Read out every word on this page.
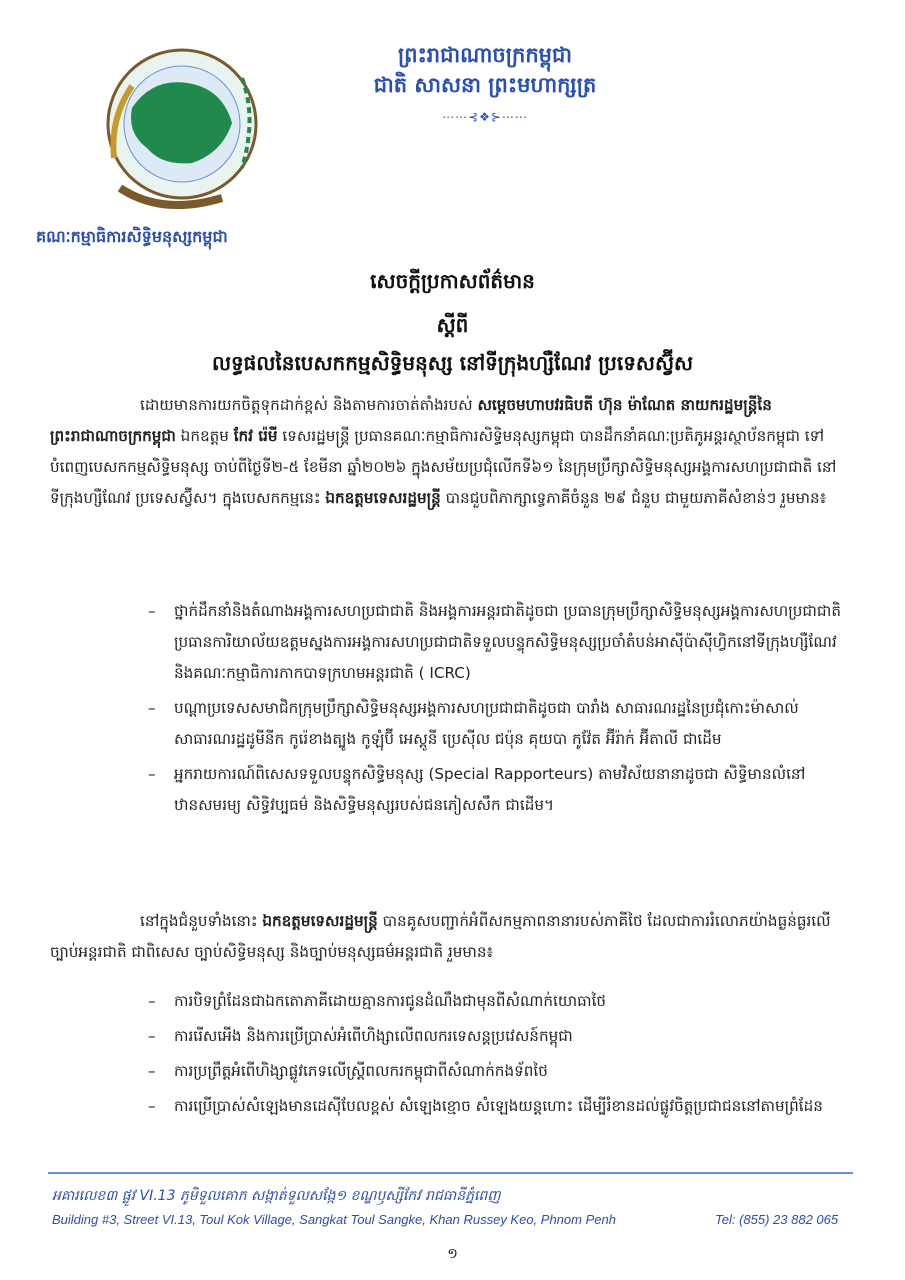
ព្រះរាជាណាចក្រកម្ពុជា
ជាតិ សាសនា ព្រះមហាក្សត្រ
⋯⋯⊰❖⊱⋯⋯
គណៈកម្មាធិការសិទ្ធិមនុស្សកម្ពុជា
សេចក្តីប្រកាសព័ត៌មាន
ស្តីពី
លទ្ធផលនៃបេសកកម្មសិទ្ធិមនុស្ស នៅទីក្រុងហ្សឺណែវ ប្រទេសស្វ៊ីស
ដោយមានការយកចិត្តទុកដាក់ខ្ពស់ និងតាមការចាត់តាំងរបស់ សម្តេចមហាបវរធិបតី ហ៊ុន ម៉ាណែត នាយករដ្ឋមន្ត្រីនៃព្រះរាជាណាចក្រកម្ពុជា ឯកឧត្តម កែវ រ៉េមី ទេសរដ្ឋមន្ត្រី ប្រធានគណៈកម្មាធិការសិទ្ធិមនុស្សកម្ពុជា បានដឹកនាំគណៈប្រតិភូអន្តរស្ថាប័នកម្ពុជា ទៅបំពេញបេសកកម្មសិទ្ធិមនុស្ស ចាប់ពីថ្ងៃទី២-៥ ខែមីនា ឆ្នាំ២០២៦ ក្នុងសម័យប្រជុំលើកទី៦១ នៃក្រុមប្រឹក្សាសិទ្ធិមនុស្សអង្គការសហប្រជាជាតិ នៅទីក្រុងហ្សឺណែវ ប្រទេសស្វ៊ីស។ ក្នុងបេសកកម្មនេះ ឯកឧត្តមទេសរដ្ឋមន្ត្រី បានជួបពិភាក្សាទ្វេភាគីចំនួន ២៩ ជំនួប ជាមួយភាគីសំខាន់ៗ រួមមាន៖
– ថ្នាក់ដឹកនាំនិងតំណាងអង្គការសហប្រជាជាតិ និងអង្គការអន្តរជាតិដូចជា ប្រធានក្រុមប្រឹក្សាសិទ្ធិមនុស្សអង្គការសហប្រជាជាតិ ប្រធានការិយាល័យឧត្តមស្នងការអង្គការសហប្រជាជាតិទទួលបន្ទុកសិទ្ធិមនុស្សប្រចាំតំបន់អាស៊ីប៉ាស៊ីហ្វិកនៅទីក្រុងហ្សឺណែវ និងគណៈកម្មាធិការកាកបាទក្រហមអន្តរជាតិ ( ICRC)
– បណ្តាប្រទេសសមាជិកក្រុមប្រឹក្សាសិទ្ធិមនុស្សអង្គការសហប្រជាជាតិដូចជា បារាំង សាធារណរដ្ឋនៃប្រជុំកោះម៉ាសាល់ សាធារណរដ្ឋដូមីនីក កូរ៉េខាងត្បូង កូឡុំប៊ី អេស្តូនី ប្រេស៊ីល ជប៉ុន គុយបា កូវ៉ែត អ៊ីរ៉ាក់ អ៊ីតាលី ជាដើម
– អ្នករាយការណ៍ពិសេសទទួលបន្ទុកសិទ្ធិមនុស្ស (Special Rapporteurs) តាមវិស័យនានាដូចជា សិទ្ធិមានលំនៅឋានសមរម្យ សិទ្ធិវប្បធម៌ និងសិទ្ធិមនុស្សរបស់ជនភៀសសឹក ជាដើម។
នៅក្នុងជំនួបទាំងនោះ ឯកឧត្តមទេសរដ្ឋមន្ត្រី បានគូសបញ្ជាក់អំពីសកម្មភាពនានារបស់ភាគីថៃ ដែលជាការរំលោភយ៉ាងធ្ងន់ធ្ងរលើច្បាប់អន្តរជាតិ ជាពិសេស ច្បាប់សិទ្ធិមនុស្ស និងច្បាប់មនុស្សធម៌អន្តរជាតិ រួមមាន៖
– ការបិទព្រំដែនជាឯកតោភាគីដោយគ្មានការជូនដំណឹងជាមុនពីសំណាក់យោធាថៃ
– ការរើសអើង និងការប្រើប្រាស់អំពើហិង្សាលើពលករទេសន្តប្រវេសន៍កម្ពុជា
– ការប្រព្រឹត្តអំពើហិង្សាផ្លូវភេទលើស្ត្រីពលករកម្ពុជាពីសំណាក់កងទ័ពថៃ
– ការប្រើប្រាស់សំឡេងមានដេស៊ីបែលខ្ពស់ សំឡេងខ្មោច សំឡេងយន្តហោះ ដើម្បីរំខានដល់ផ្លូវចិត្តប្រជាជននៅតាមព្រំដែន
អគារលេខ៣ ផ្លូវ VI.13 ភូមិទួលគោក សង្កាត់ទួលសង្កែ១ ខណ្ឌឫស្សីកែវ រាជធានីភ្នំពេញ
Building #3, Street VI.13, Toul Kok Village, Sangkat Toul Sangke, Khan Russey Keo, Phnom Penh	Tel: (855) 23 882 065
១
